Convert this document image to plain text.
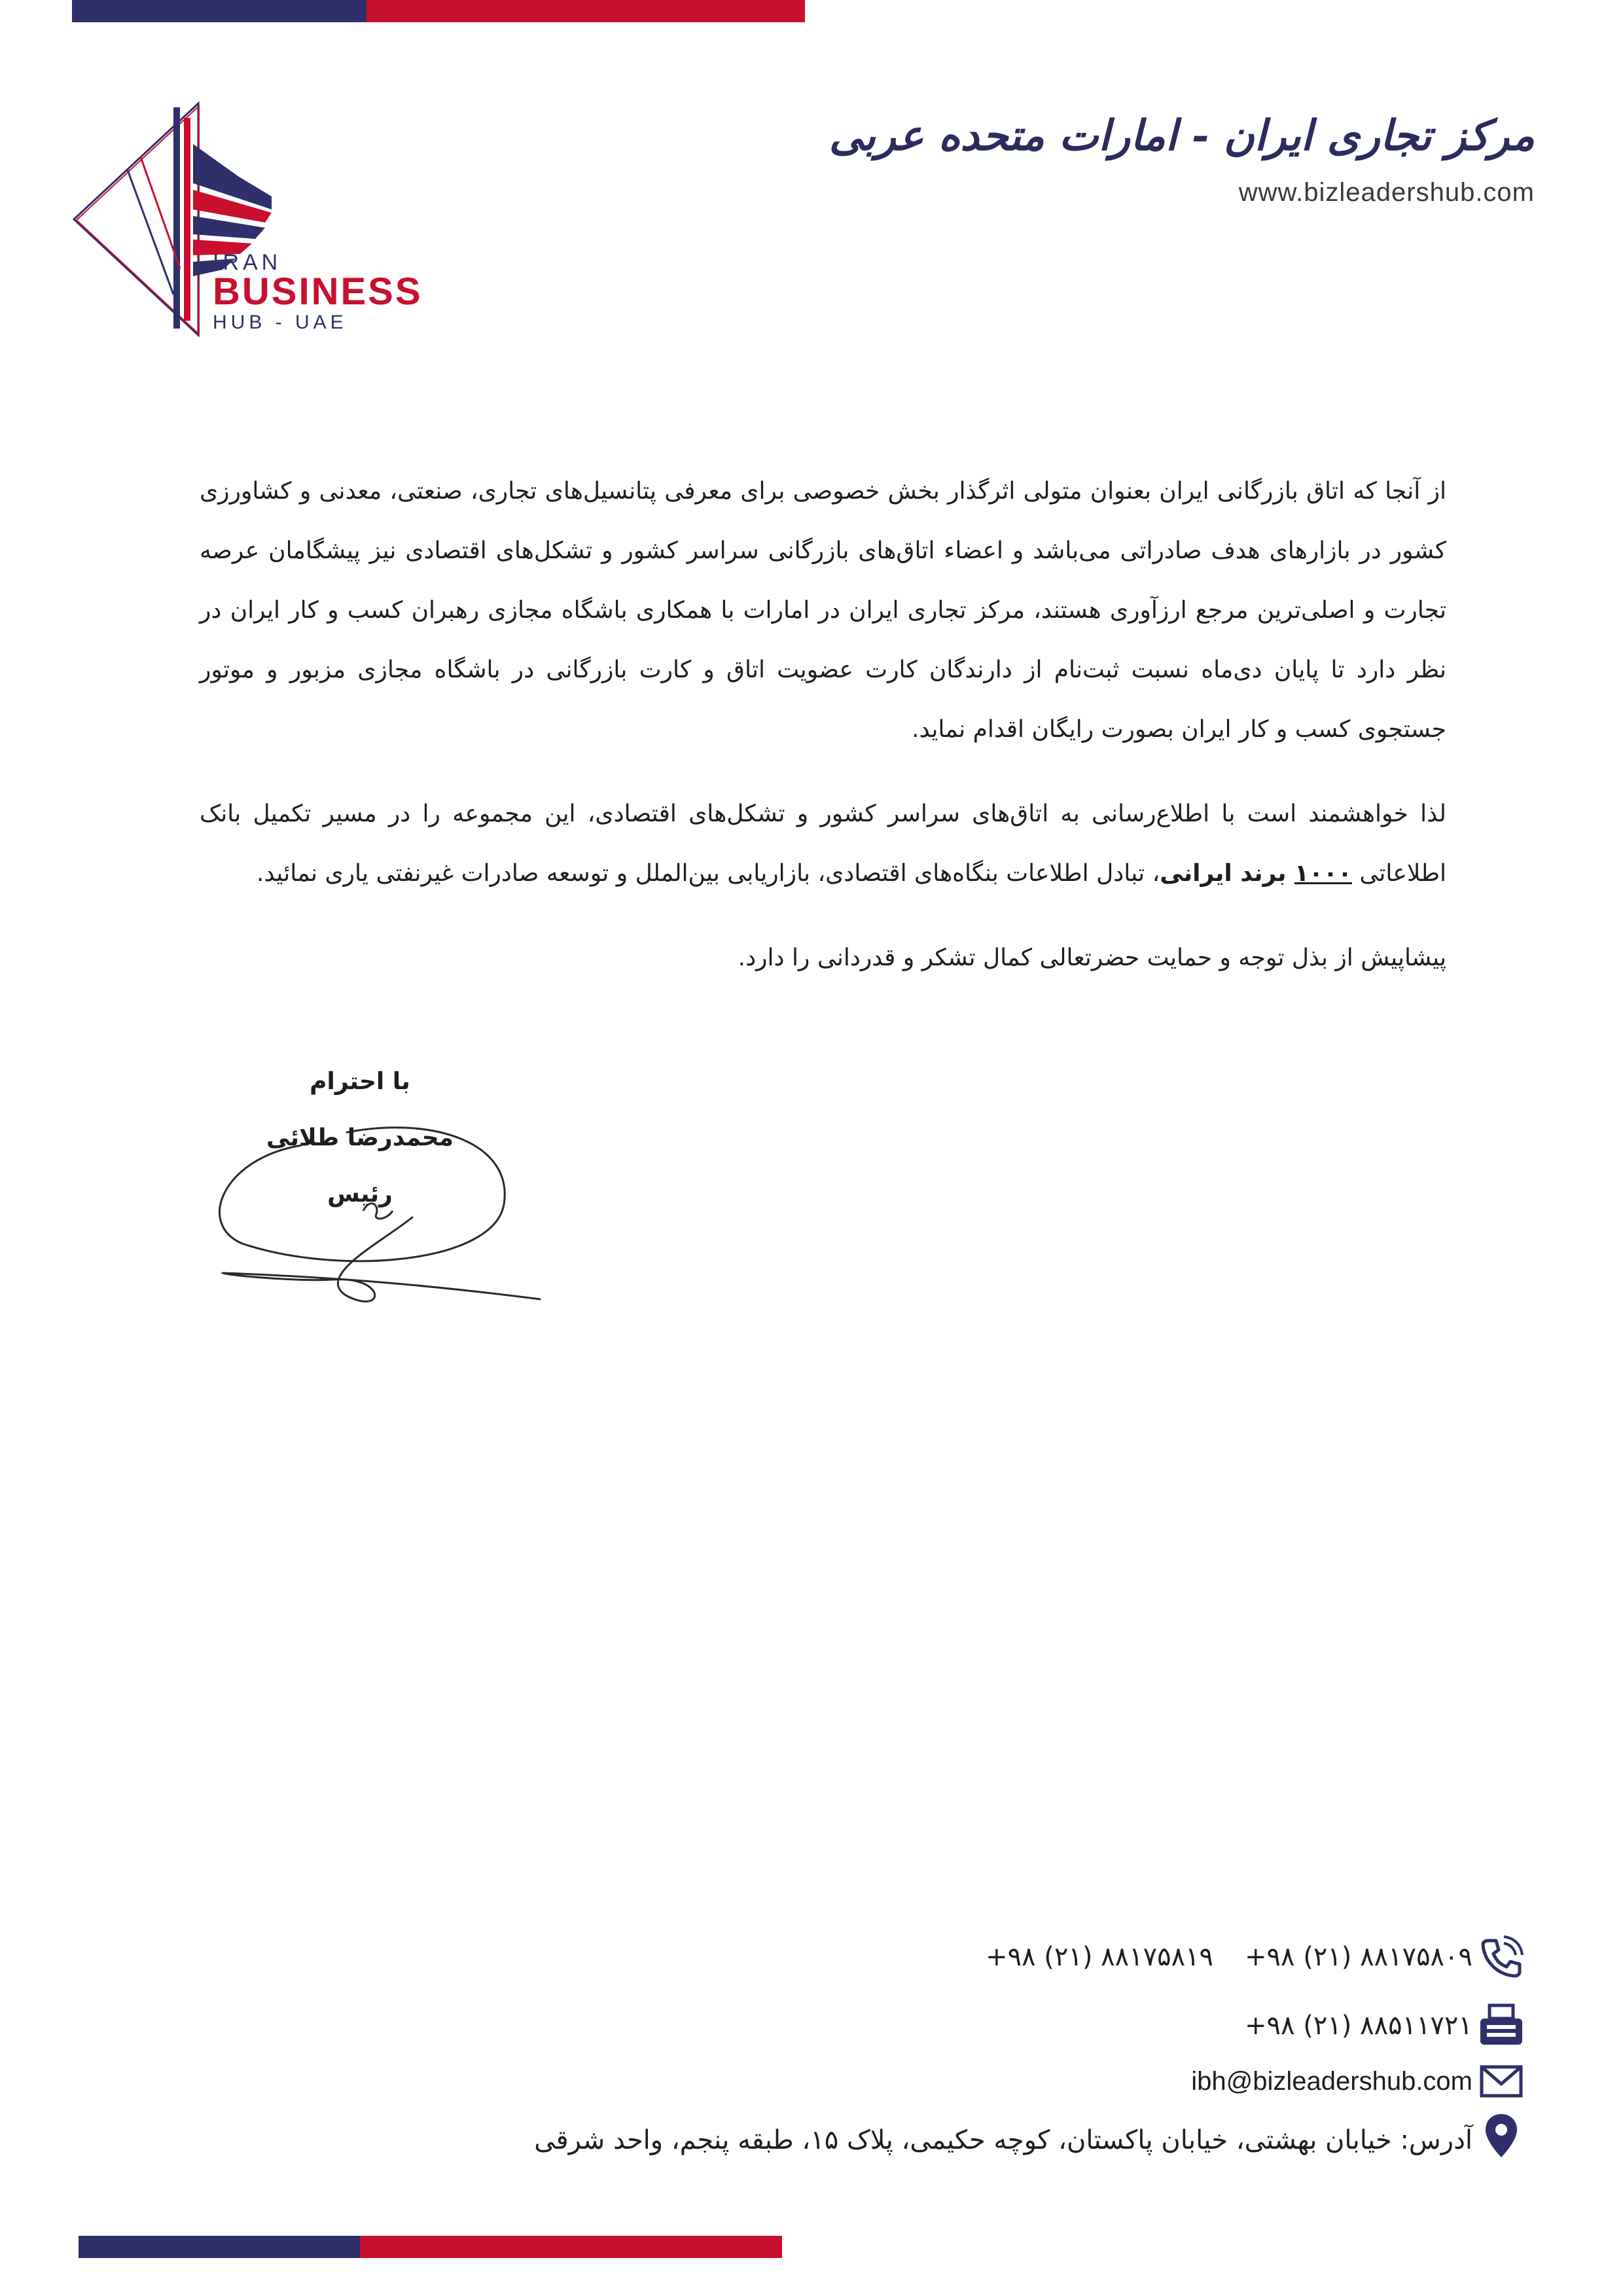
IRAN
BUSINESS
HUB - UAE
مرکز تجاری ایران - امارات متحده عربی
www.bizleadershub.com

از آنجا که اتاق بازرگانی ایران بعنوان متولی اثرگذار بخش خصوصی برای معرفی پتانسیل‌های تجاری، صنعتی، معدنی و کشاورزی کشور در بازارهای هدف صادراتی می‌باشد و اعضاء اتاق‌های بازرگانی سراسر کشور و تشکل‌های اقتصادی نیز پیشگامان عرصه تجارت و اصلی‌ترین مرجع ارزآوری هستند، مرکز تجاری ایران در امارات با همکاری باشگاه مجازی رهبران کسب و کار ایران در نظر دارد تا پایان دی‌ماه نسبت ثبت‌نام از دارندگان کارت عضویت اتاق و کارت بازرگانی در باشگاه مجازی مزبور و موتور جستجوی کسب و کار ایران بصورت رایگان اقدام نماید.

لذا خواهشمند است با اطلاع‌رسانی به اتاق‌های سراسر کشور و تشکل‌های اقتصادی، این مجموعه را در مسیر تکمیل بانک اطلاعاتی ۱۰۰۰ برند ایرانی، تبادل اطلاعات بنگاه‌های اقتصادی، بازاریابی بین‌الملل و توسعه صادرات غیرنفتی یاری نمائید.

پیشاپیش از بذل توجه و حمایت حضرتعالی کمال تشکر و قدردانی را دارد.

با احترام
محمدرضا طلائی
رئیس
+۹۸ (۲۱) ۸۸۱۷۵۸۰۹+۹۸ (۲۱) ۸۸۱۷۵۸۱۹
+۹۸ (۲۱) ۸۸۵۱۱۷۲۱
ibh@bizleadershub.com
آدرس: خیابان بهشتی، خیابان پاکستان، کوچه حکیمی، پلاک ۱۵، طبقه پنجم، واحد شرقی
